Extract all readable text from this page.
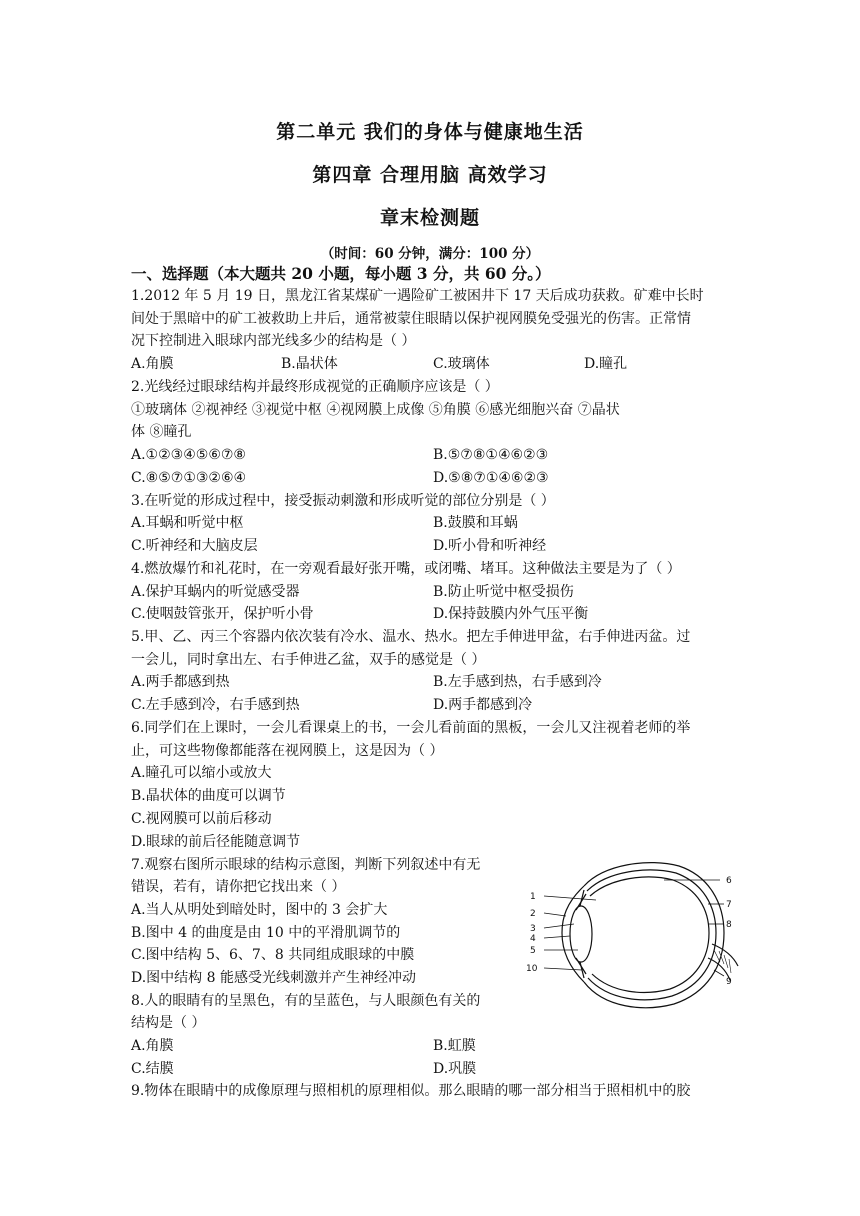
第二单元 我们的身体与健康地生活
第四章 合理用脑 高效学习
章末检测题
（时间：60 分钟，满分：100 分）
一、选择题（本大题共 20 小题，每小题 3 分，共 60 分。）
1.2012 年 5 月 19 日，黑龙江省某煤矿一遇险矿工被困井下 17 天后成功获救。矿难中长时
间处于黑暗中的矿工被救助上井后，通常被蒙住眼睛以保护视网膜免受强光的伤害。正常情
况下控制进入眼球内部光线多少的结构是（ ）
A.角膜	B.晶状体	C.玻璃体	D.瞳孔
2.光线经过眼球结构并最终形成视觉的正确顺序应该是（ ）
①玻璃体 ②视神经 ③视觉中枢 ④视网膜上成像 ⑤角膜 ⑥感光细胞兴奋 ⑦晶状
体 ⑧瞳孔
A.①②③④⑤⑥⑦⑧	B.⑤⑦⑧①④⑥②③
C.⑧⑤⑦①③②⑥④	D.⑤⑧⑦①④⑥②③
3.在听觉的形成过程中，接受振动刺激和形成听觉的部位分别是（ ）
A.耳蜗和听觉中枢	B.鼓膜和耳蜗
C.听神经和大脑皮层	D.听小骨和听神经
4.燃放爆竹和礼花时，在一旁观看最好张开嘴，或闭嘴、堵耳。这种做法主要是为了（ ）
A.保护耳蜗内的听觉感受器	B.防止听觉中枢受损伤
C.使咽鼓管张开，保护听小骨	D.保持鼓膜内外气压平衡
5.甲、乙、丙三个容器内依次装有冷水、温水、热水。把左手伸进甲盆，右手伸进丙盆。过
一会儿，同时拿出左、右手伸进乙盆，双手的感觉是（ ）
A.两手都感到热	B.左手感到热，右手感到冷
C.左手感到冷，右手感到热	D.两手都感到冷
6.同学们在上课时，一会儿看课桌上的书，一会儿看前面的黑板，一会儿又注视着老师的举
止，可这些物像都能落在视网膜上，这是因为（ ）
A.瞳孔可以缩小或放大
B.晶状体的曲度可以调节
C.视网膜可以前后移动
D.眼球的前后径能随意调节
7.观察右图所示眼球的结构示意图，判断下列叙述中有无
错误，若有，请你把它找出来（ ）
A.当人从明处到暗处时，图中的 3 会扩大
B.图中 4 的曲度是由 10 中的平滑肌调节的
C.图中结构 5、6、7、8 共同组成眼球的中膜
D.图中结构 8 能感受光线刺激并产生神经冲动
8.人的眼睛有的呈黑色，有的呈蓝色，与人眼颜色有关的
结构是（ ）
A.角膜	B.虹膜
C.结膜	D.巩膜
9.物体在眼睛中的成像原理与照相机的原理相似。那么眼睛的哪一部分相当于照相机中的胶
1
2
3
4
5
10
6
7
8
9
